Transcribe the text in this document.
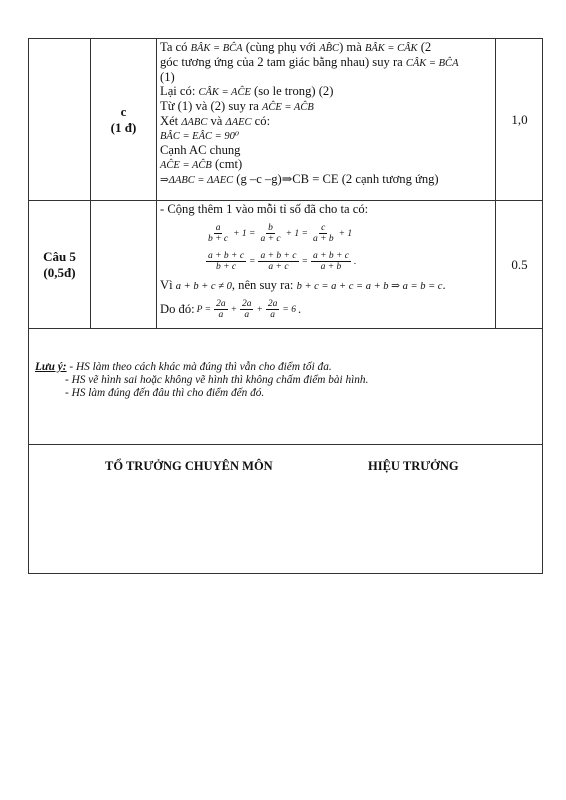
c
(1 đ)
Ta có BÂK = BĈA (cùng phụ với AB̂C) mà BÂK = CÂK (2
góc tương ứng của 2 tam giác bằng nhau) suy ra CÂK = BĈA
(1)
Lại có: CÂK = AĈE (so le trong) (2)
Từ (1) và (2) suy ra AĈE = AĈB
Xét ΔABC và ΔAEC có:
BÂC = EÂC = 90⁰
Cạnh AC chung
AĈE = AĈB (cmt)
⇒ΔABC = ΔAEC (g –c –g)⇒CB = CE (2 cạnh tương ứng)
1,0
Câu 5
(0,5đ)
- Cộng thêm 1 vào mỗi tỉ số đã cho ta có:
$\frac{a}{b + c} + 1 = \frac{b}{a + c} + 1 = \frac{c}{a + b} + 1$
$\frac{a + b + c}{b + c} = \frac{a + b + c}{a + c} = \frac{a + b + c}{a + b}$ .
Vì a + b + c ≠ 0, nên suy ra: b + c = a + c = a + b ⇒ a = b = c.
Do đó: $P = \frac{2a}{a} + \frac{2a}{a} + \frac{2a}{a} = 6$ .
0.5
Lưu ý: - HS làm theo cách khác mà đúng thì vẫn cho điểm tối đa.
- HS vẽ hình sai hoặc không vẽ hình thì không chấm điểm bài hình.
- HS làm đúng đến đâu thì cho điểm đến đó.
TỔ TRƯỞNG CHUYÊN MÔN	HIỆU TRƯỞNG
